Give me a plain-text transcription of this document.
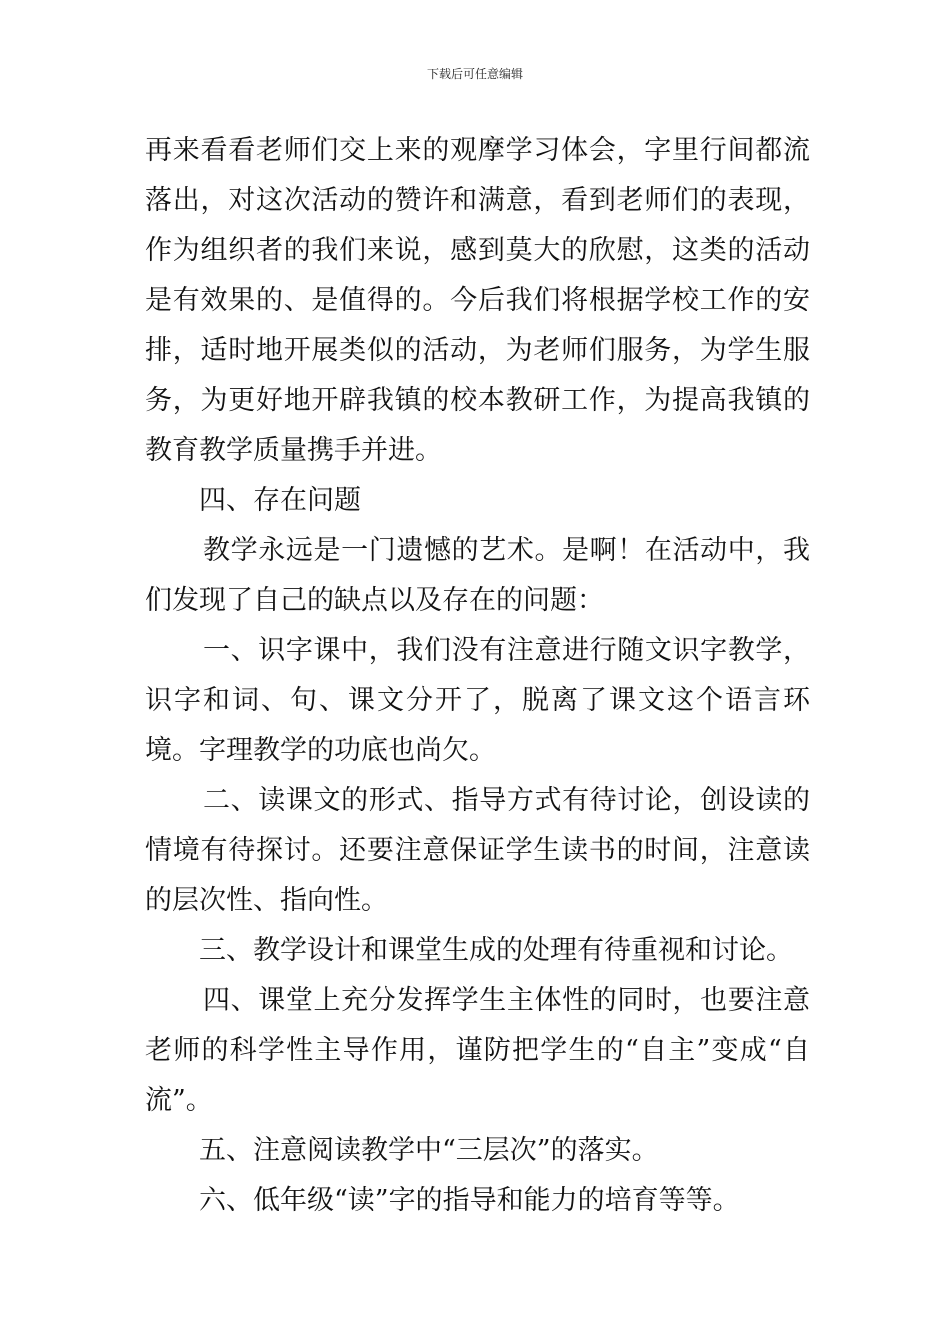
下载后可任意编辑

再来看看老师们交上来的观摩学习体会，字里行间都流落出，对这次活动的赞许和满意，看到老师们的表现，作为组织者的我们来说，感到莫大的欣慰，这类的活动是有效果的、是值得的。今后我们将根据学校工作的安排，适时地开展类似的活动，为老师们服务，为学生服务，为更好地开辟我镇的校本教研工作，为提高我镇的教育教学质量携手并进。

四、存在问题

教学永远是一门遗憾的艺术。是啊！在活动中，我们发现了自己的缺点以及存在的问题：

一、识字课中，我们没有注意进行随文识字教学，识字和词、句、课文分开了，脱离了课文这个语言环境。字理教学的功底也尚欠。

二、读课文的形式、指导方式有待讨论，创设读的情境有待探讨。还要注意保证学生读书的时间，注意读的层次性、指向性。

三、教学设计和课堂生成的处理有待重视和讨论。

四、课堂上充分发挥学生主体性的同时，也要注意老师的科学性主导作用，谨防把学生的“自主”变成“自流”。

五、注意阅读教学中“三层次”的落实。

六、低年级“读”字的指导和能力的培育等等。
